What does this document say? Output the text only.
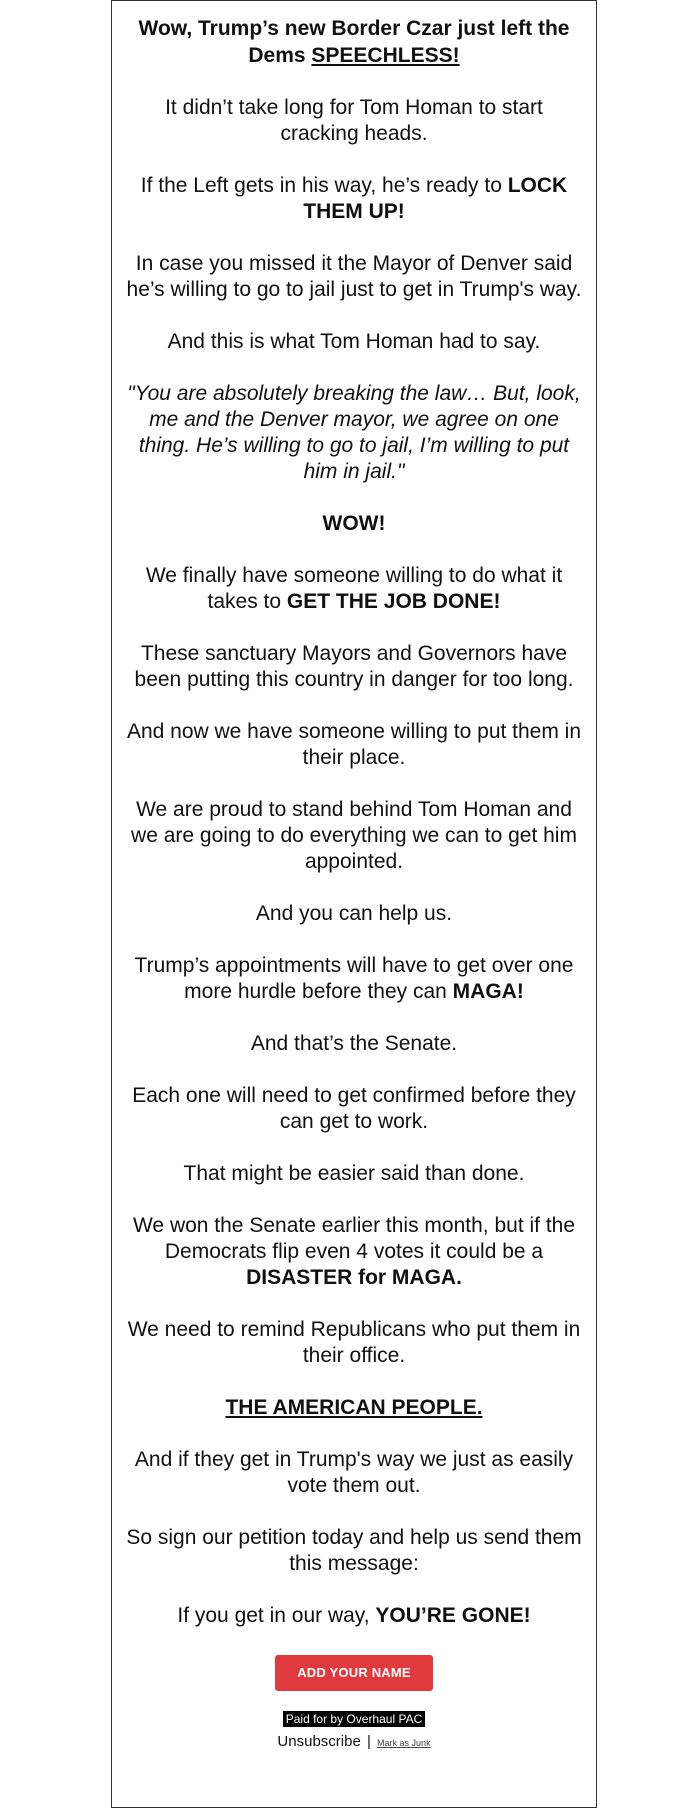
Wow, Trump’s new Border Czar just left the Dems SPEECHLESS!
It didn’t take long for Tom Homan to start cracking heads.
If the Left gets in his way, he’s ready to LOCK THEM UP!
In case you missed it the Mayor of Denver said he’s willing to go to jail just to get in Trump's way.
And this is what Tom Homan had to say.
"You are absolutely breaking the law… But, look, me and the Denver mayor, we agree on one thing. He’s willing to go to jail, I’m willing to put him in jail."
WOW!
We finally have someone willing to do what it takes to GET THE JOB DONE!
These sanctuary Mayors and Governors have been putting this country in danger for too long.
And now we have someone willing to put them in their place.
We are proud to stand behind Tom Homan and we are going to do everything we can to get him appointed.
And you can help us.
Trump’s appointments will have to get over one more hurdle before they can MAGA!
And that’s the Senate.
Each one will need to get confirmed before they can get to work.
That might be easier said than done.
We won the Senate earlier this month, but if the Democrats flip even 4 votes it could be a DISASTER for MAGA.
We need to remind Republicans who put them in their office.
THE AMERICAN PEOPLE.
And if they get in Trump's way we just as easily vote them out.
So sign our petition today and help us send them this message:
If you get in our way, YOU’RE GONE!
ADD YOUR NAME
Paid for by Overhaul PAC
Unsubscribe | Mark as Junk
